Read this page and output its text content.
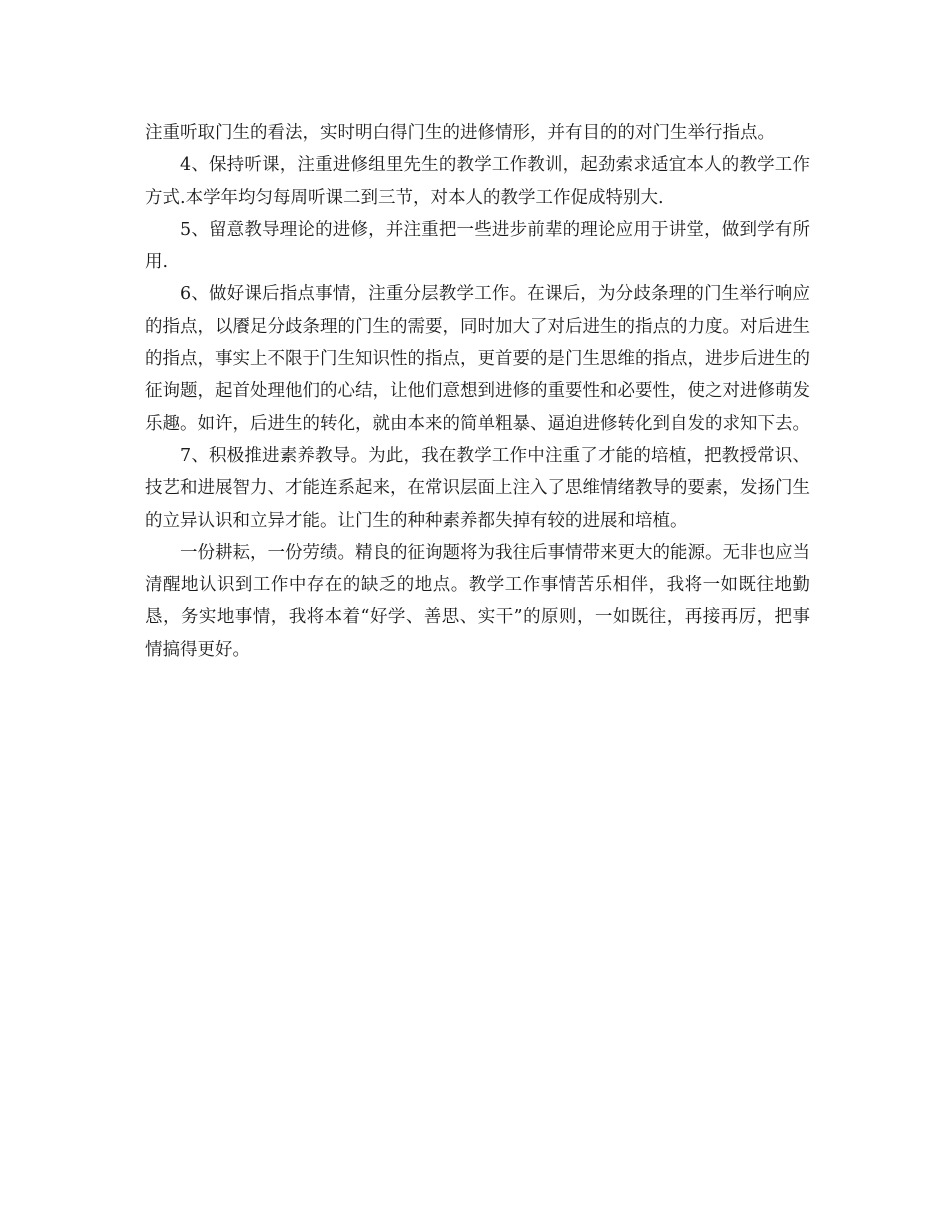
注重听取门生的看法，实时明白得门生的进修情形，并有目的的对门生举行指点。

4、保持听课，注重进修组里先生的教学工作教训，起劲索求适宜本人的教学工作方式.本学年均匀每周听课二到三节，对本人的教学工作促成特别大.

5、留意教导理论的进修，并注重把一些进步前辈的理论应用于讲堂，做到学有所用.

6、做好课后指点事情，注重分层教学工作。在课后，为分歧条理的门生举行响应的指点，以餍足分歧条理的门生的需要，同时加大了对后进生的指点的力度。对后进生的指点，事实上不限于门生知识性的指点，更首要的是门生思维的指点，进步后进生的征询题，起首处理他们的心结，让他们意想到进修的重要性和必要性，使之对进修萌发乐趣。如许，后进生的转化，就由本来的简单粗暴、逼迫进修转化到自发的求知下去。

7、积极推进素养教导。为此，我在教学工作中注重了才能的培植，把教授常识、技艺和进展智力、才能连系起来，在常识层面上注入了思维情绪教导的要素，发扬门生的立异认识和立异才能。让门生的种种素养都失掉有较的进展和培植。

一份耕耘，一份劳绩。精良的征询题将为我往后事情带来更大的能源。无非也应当清醒地认识到工作中存在的缺乏的地点。教学工作事情苦乐相伴，我将一如既往地勤恳，务实地事情，我将本着“好学、善思、实干”的原则，一如既往，再接再厉，把事情搞得更好。
